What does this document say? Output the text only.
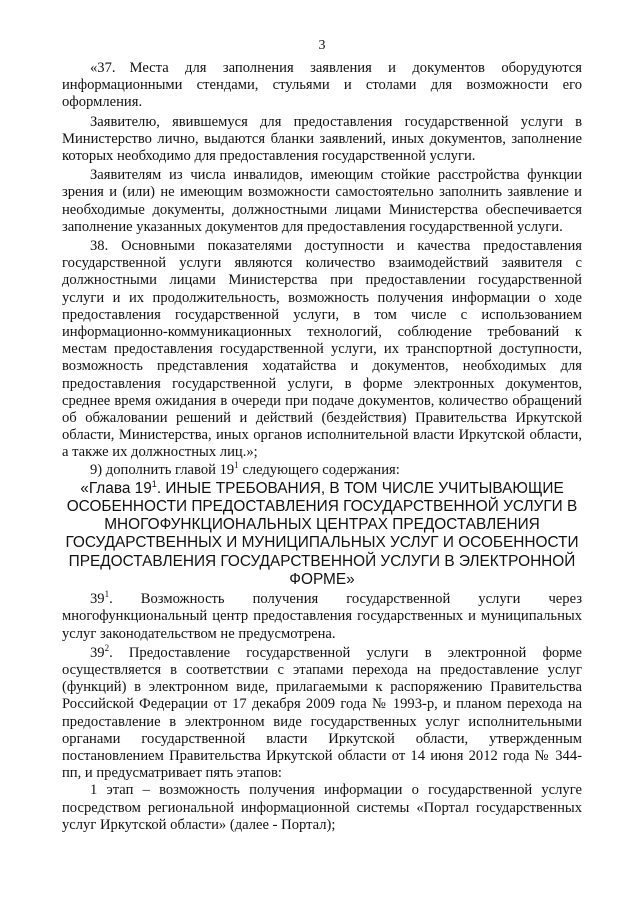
3

«37. Места для заполнения заявления и документов оборудуются информационными стендами, стульями и столами для возможности его оформления.

Заявителю, явившемуся для предоставления государственной услуги в Министерство лично, выдаются бланки заявлений, иных документов, заполнение которых необходимо для предоставления государственной услуги.

Заявителям из числа инвалидов, имеющим стойкие расстройства функции зрения и (или) не имеющим возможности самостоятельно заполнить заявление и необходимые документы, должностными лицами Министерства обеспечивается заполнение указанных документов для предоставления государственной услуги.

38. Основными показателями доступности и качества предоставления государственной услуги являются количество взаимодействий заявителя с должностными лицами Министерства при предоставлении государственной услуги и их продолжительность, возможность получения информации о ходе предоставления государственной услуги, в том числе с использованием информационно-коммуникационных технологий, соблюдение требований к местам предоставления государственной услуги, их транспортной доступности, возможность представления ходатайства и документов, необходимых для предоставления государственной услуги, в форме электронных документов, среднее время ожидания в очереди при подаче документов, количество обращений об обжаловании решений и действий (бездействия) Правительства Иркутской области, Министерства, иных органов исполнительной власти Иркутской области, а также их должностных лиц.»;

9) дополнить главой $19^1$ следующего содержания:

«Глава $19^1$. ИНЫЕ ТРЕБОВАНИЯ, В ТОМ ЧИСЛЕ УЧИТЫВАЮЩИЕ ОСОБЕННОСТИ ПРЕДОСТАВЛЕНИЯ ГОСУДАРСТВЕННОЙ УСЛУГИ В МНОГОФУНКЦИОНАЛЬНЫХ ЦЕНТРАХ ПРЕДОСТАВЛЕНИЯ ГОСУДАРСТВЕННЫХ И МУНИЦИПАЛЬНЫХ УСЛУГ И ОСОБЕННОСТИ ПРЕДОСТАВЛЕНИЯ ГОСУДАРСТВЕННОЙ УСЛУГИ В ЭЛЕКТРОННОЙ ФОРМЕ»

$39^1$. Возможность получения государственной услуги через многофункциональный центр предоставления государственных и муниципальных услуг законодательством не предусмотрена.

$39^2$. Предоставление государственной услуги в электронной форме осуществляется в соответствии с этапами перехода на предоставление услуг (функций) в электронном виде, прилагаемыми к распоряжению Правительства Российской Федерации от 17 декабря 2009 года № 1993-р, и планом перехода на предоставление в электронном виде государственных услуг исполнительными органами государственной власти Иркутской области, утвержденным постановлением Правительства Иркутской области от 14 июня 2012 года № 344-пп, и предусматривает пять этапов:

1 этап – возможность получения информации о государственной услуге посредством региональной информационной системы «Портал государственных услуг Иркутской области» (далее - Портал);
